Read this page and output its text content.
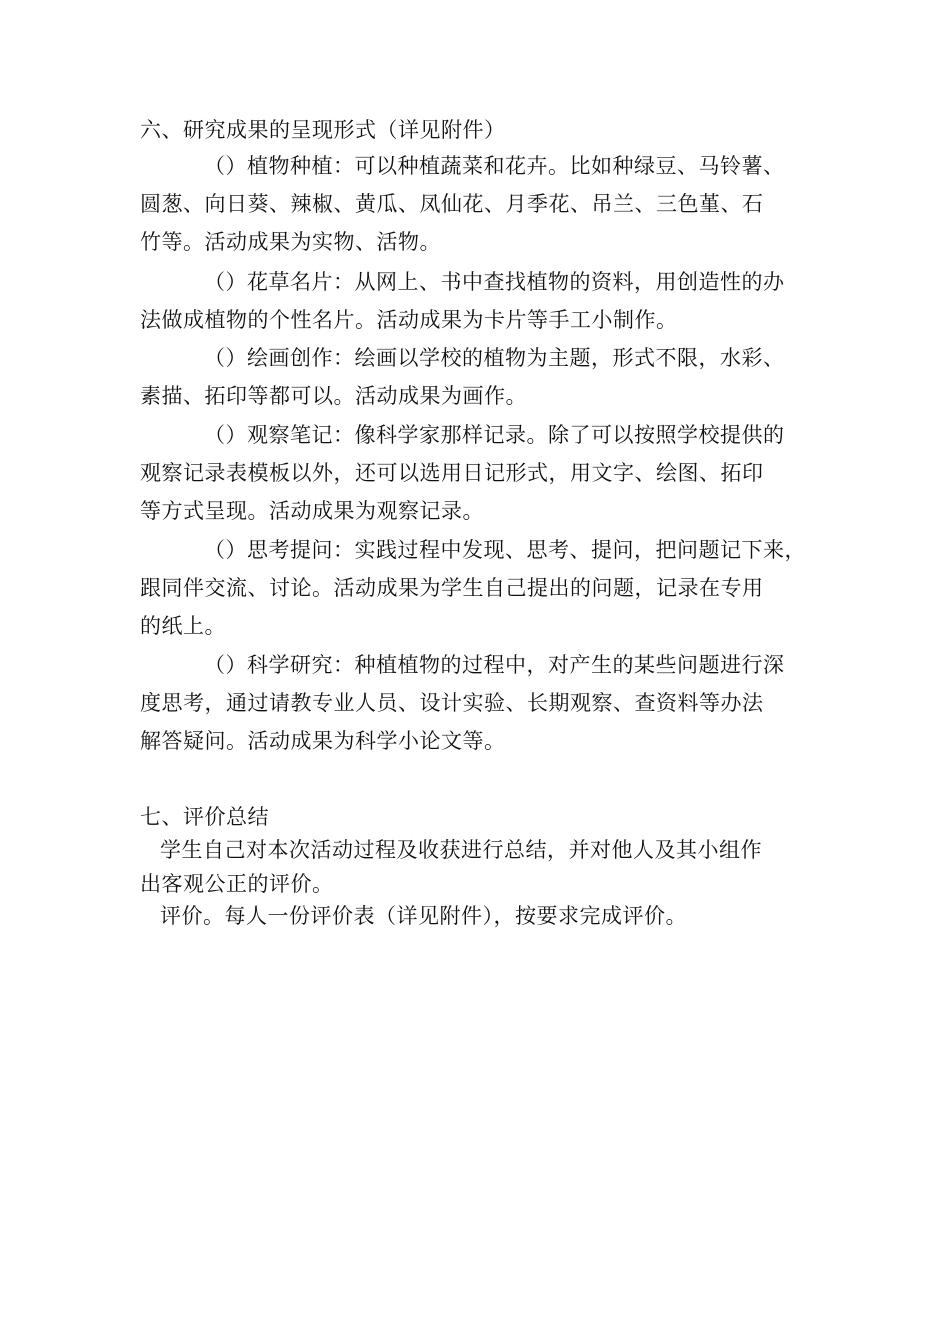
六、研究成果的呈现形式（详见附件）
（）植物种植：可以种植蔬菜和花卉。比如种绿豆、马铃薯、
圆葱、向日葵、辣椒、黄瓜、凤仙花、月季花、吊兰、三色堇、石
竹等。活动成果为实物、活物。
（）花草名片：从网上、书中查找植物的资料，用创造性的办
法做成植物的个性名片。活动成果为卡片等手工小制作。
（）绘画创作：绘画以学校的植物为主题，形式不限，水彩、
素描、拓印等都可以。活动成果为画作。
（）观察笔记：像科学家那样记录。除了可以按照学校提供的
观察记录表模板以外，还可以选用日记形式，用文字、绘图、拓印
等方式呈现。活动成果为观察记录。
（）思考提问：实践过程中发现、思考、提问，把问题记下来，
跟同伴交流、讨论。活动成果为学生自己提出的问题，记录在专用
的纸上。
（）科学研究：种植植物的过程中，对产生的某些问题进行深
度思考，通过请教专业人员、设计实验、长期观察、查资料等办法
解答疑问。活动成果为科学小论文等。
七、评价总结
学生自己对本次活动过程及收获进行总结，并对他人及其小组作
出客观公正的评价。
评价。每人一份评价表（详见附件），按要求完成评价。
